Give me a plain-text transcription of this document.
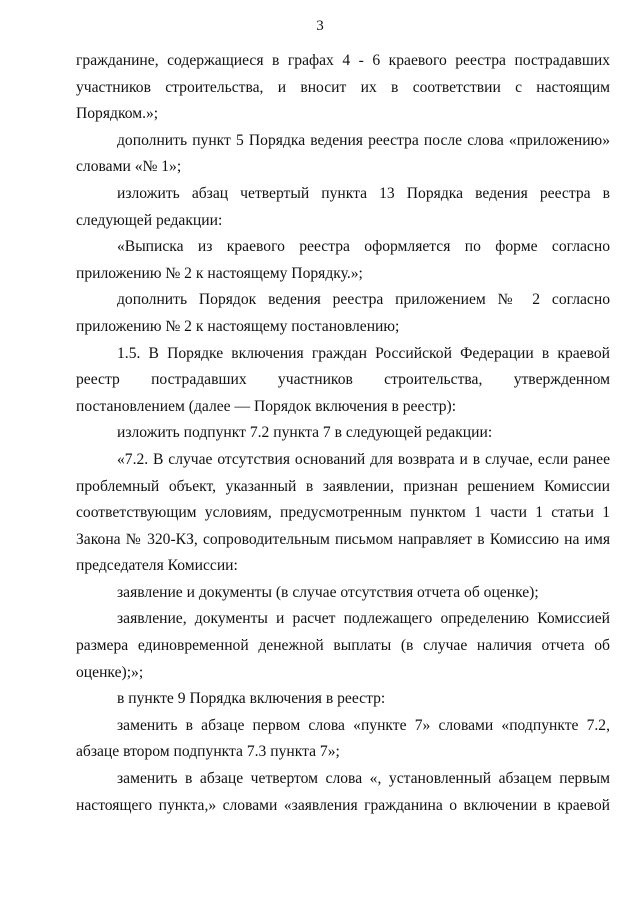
3
гражданине, содержащиеся в графах 4 - 6 краевого реестра пострадавших
участников строительства, и вносит их в соответствии с настоящим
Порядком.»;
дополнить пункт 5 Порядка ведения реестра после слова «приложению»
словами «№ 1»;
изложить абзац четвертый пункта 13 Порядка ведения реестра в
следующей редакции:
«Выписка из краевого реестра оформляется по форме согласно
приложению № 2 к настоящему Порядку.»;
дополнить Порядок ведения реестра приложением № 2 согласно
приложению № 2 к настоящему постановлению;
1.5. В Порядке включения граждан Российской Федерации в краевой
реестр пострадавших участников строительства, утвержденном
постановлением (далее — Порядок включения в реестр):
изложить подпункт 7.2 пункта 7 в следующей редакции:
«7.2. В случае отсутствия оснований для возврата и в случае, если ранее
проблемный объект, указанный в заявлении, признан решением Комиссии
соответствующим условиям, предусмотренным пунктом 1 части 1 статьи 1
Закона № 320-КЗ, сопроводительным письмом направляет в Комиссию на имя
председателя Комиссии:
заявление и документы (в случае отсутствия отчета об оценке);
заявление, документы и расчет подлежащего определению Комиссией
размера единовременной денежной выплаты (в случае наличия отчета об
оценке);»;
в пункте 9 Порядка включения в реестр:
заменить в абзаце первом слова «пункте 7» словами «подпункте 7.2,
абзаце втором подпункта 7.3 пункта 7»;
заменить в абзаце четвертом слова «, установленный абзацем первым
настоящего пункта,» словами «заявления гражданина о включении в краевой
